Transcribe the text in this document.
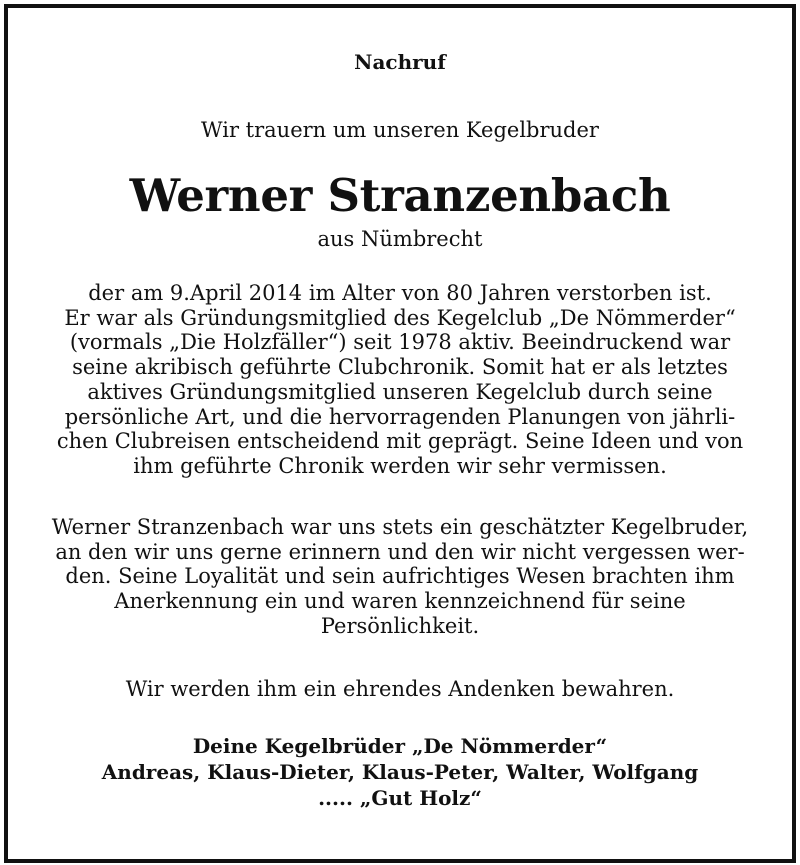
Nachruf

Wir trauern um unseren Kegelbruder

Werner Stranzenbach

aus Nümbrecht

der am 9.April 2014 im Alter von 80 Jahren verstorben ist.
Er war als Gründungsmitglied des Kegelclub „De Nömmerder“
(vormals „Die Holzfäller“) seit 1978 aktiv. Beeindruckend war
seine akribisch geführte Clubchronik. Somit hat er als letztes
aktives Gründungsmitglied unseren Kegelclub durch seine
persönliche Art, und die hervorragenden Planungen von jährli-
chen Clubreisen entscheidend mit geprägt. Seine Ideen und von
ihm geführte Chronik werden wir sehr vermissen.

Werner Stranzenbach war uns stets ein geschätzter Kegelbruder,
an den wir uns gerne erinnern und den wir nicht vergessen wer-
den. Seine Loyalität und sein aufrichtiges Wesen brachten ihm
Anerkennung ein und waren kennzeichnend für seine
Persönlichkeit.

Wir werden ihm ein ehrendes Andenken bewahren.

Deine Kegelbrüder „De Nömmerder“
Andreas, Klaus-Dieter, Klaus-Peter, Walter, Wolfgang
..... „Gut Holz“
